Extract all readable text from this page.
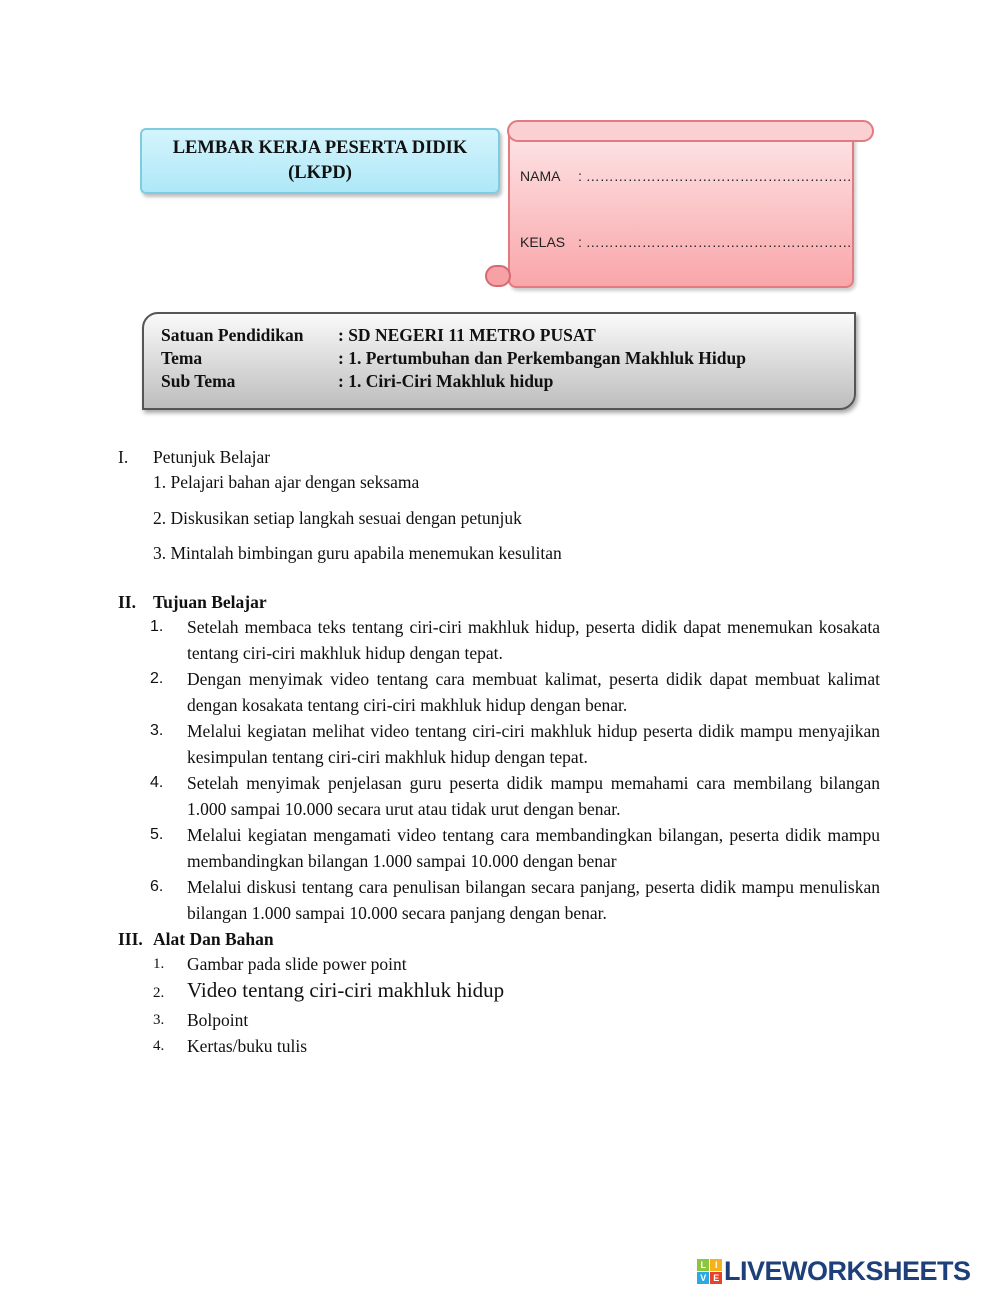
LEMBAR KERJA PESERTA DIDIK
(LKPD)	NAMA : …………………………………………………
KELAS : …………………………………………………
Satuan Pendidikan	: SD NEGERI 11 METRO PUSAT
Tema	: 1. Pertumbuhan dan Perkembangan Makhluk Hidup
Sub Tema	: 1. Ciri-Ciri Makhluk hidup
I. Petunjuk Belajar
1. Pelajari bahan ajar dengan seksama
2. Diskusikan setiap langkah sesuai dengan petunjuk
3. Mintalah bimbingan guru apabila menemukan kesulitan
II. Tujuan Belajar
1.	Setelah membaca teks tentang ciri-ciri makhluk hidup, peserta didik dapat menemukan kosakata tentang ciri-ciri makhluk hidup dengan tepat.
2.	Dengan menyimak video tentang cara membuat kalimat, peserta didik dapat membuat kalimat dengan kosakata tentang ciri-ciri makhluk hidup dengan benar.
3.	Melalui kegiatan melihat video tentang ciri-ciri makhluk hidup peserta didik mampu menyajikan kesimpulan tentang ciri-ciri makhluk hidup dengan tepat.
4.	Setelah menyimak penjelasan guru peserta didik mampu memahami cara membilang bilangan 1.000 sampai 10.000 secara urut atau tidak urut dengan benar.
5.	Melalui kegiatan mengamati video tentang cara membandingkan bilangan, peserta didik mampu membandingkan bilangan 1.000 sampai 10.000 dengan benar
6.	Melalui diskusi tentang cara penulisan bilangan secara panjang, peserta didik mampu menuliskan bilangan 1.000 sampai 10.000 secara panjang dengan benar.
III. Alat Dan Bahan
1. Gambar pada slide power point
2. Video tentang ciri-ciri makhluk hidup
3. Bolpoint
4. Kertas/buku tulis
L	I
V E LIVEWORKSHEETS
